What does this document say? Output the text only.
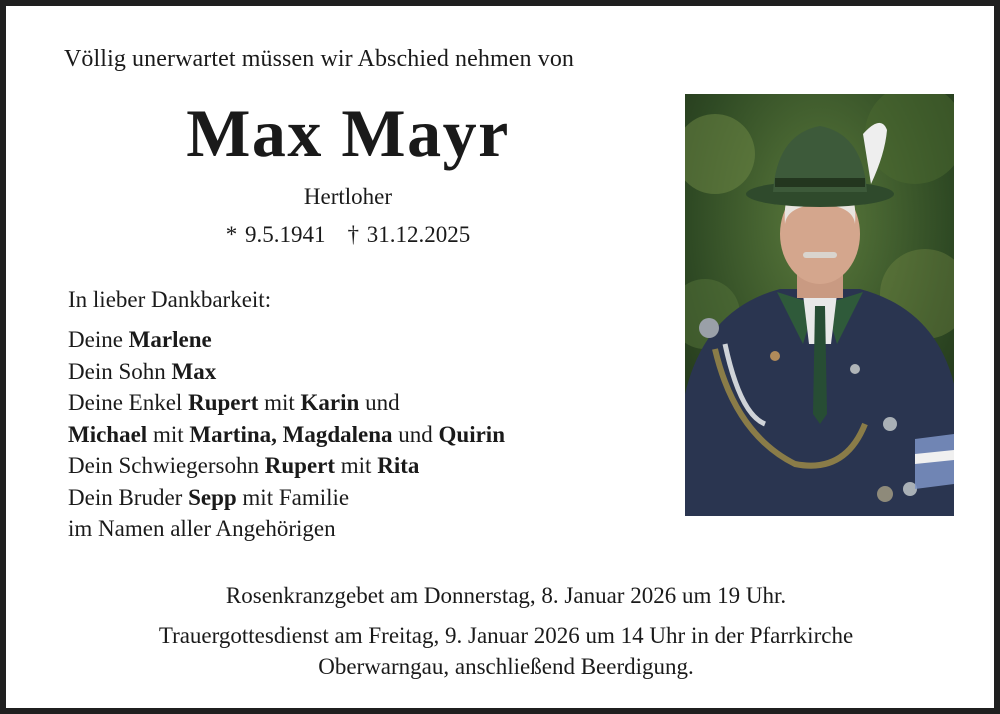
Völlig unerwartet müssen wir Abschied nehmen von
Max Mayr
Hertloher
* 9.5.1941 † 31.12.2025
In lieber Dankbarkeit:
Deine Marlene
Dein Sohn Max
Deine Enkel Rupert mit Karin und
Michael mit Martina, Magdalena und Quirin
Dein Schwiegersohn Rupert mit Rita
Dein Bruder Sepp mit Familie
im Namen aller Angehörigen
Rosenkranzgebet am Donnerstag, 8. Januar 2026 um 19 Uhr.
Trauergottesdienst am Freitag, 9. Januar 2026 um 14 Uhr in der Pfarrkirche
Oberwarngau, anschließend Beerdigung.
